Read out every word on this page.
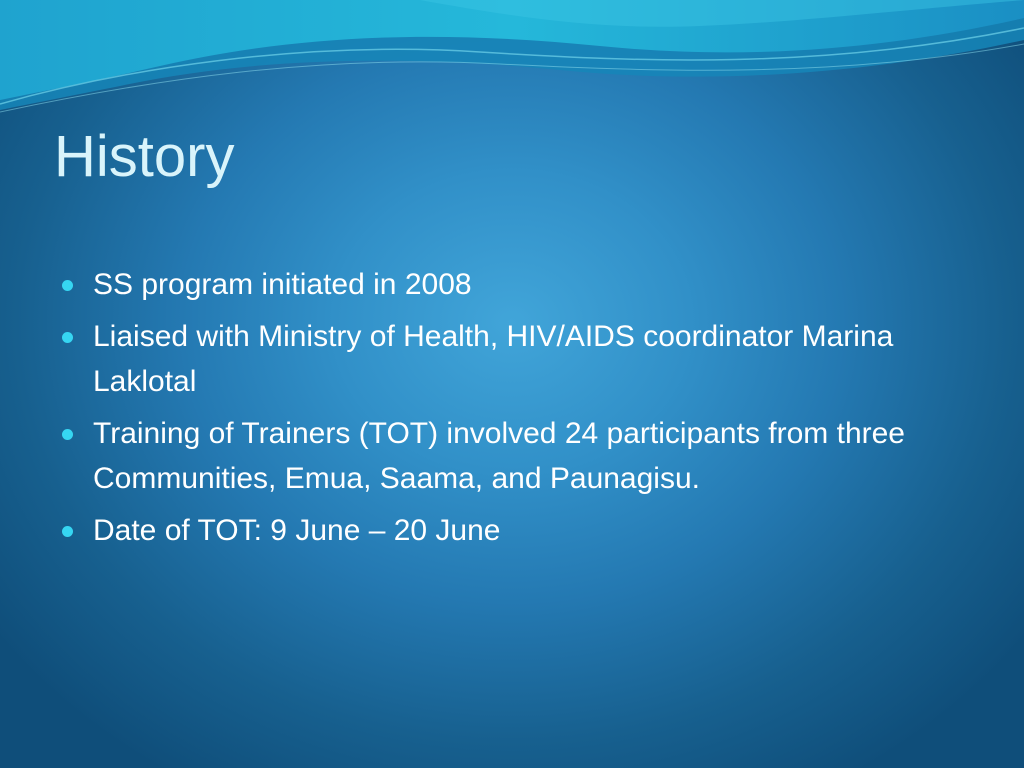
History
SS program initiated in 2008
Liaised with Ministry of Health, HIV/AIDS coordinator Marina Laklotal
Training of Trainers (TOT) involved 24 participants from three Communities, Emua, Saama, and Paunagisu.
Date of TOT: 9 June – 20 June
